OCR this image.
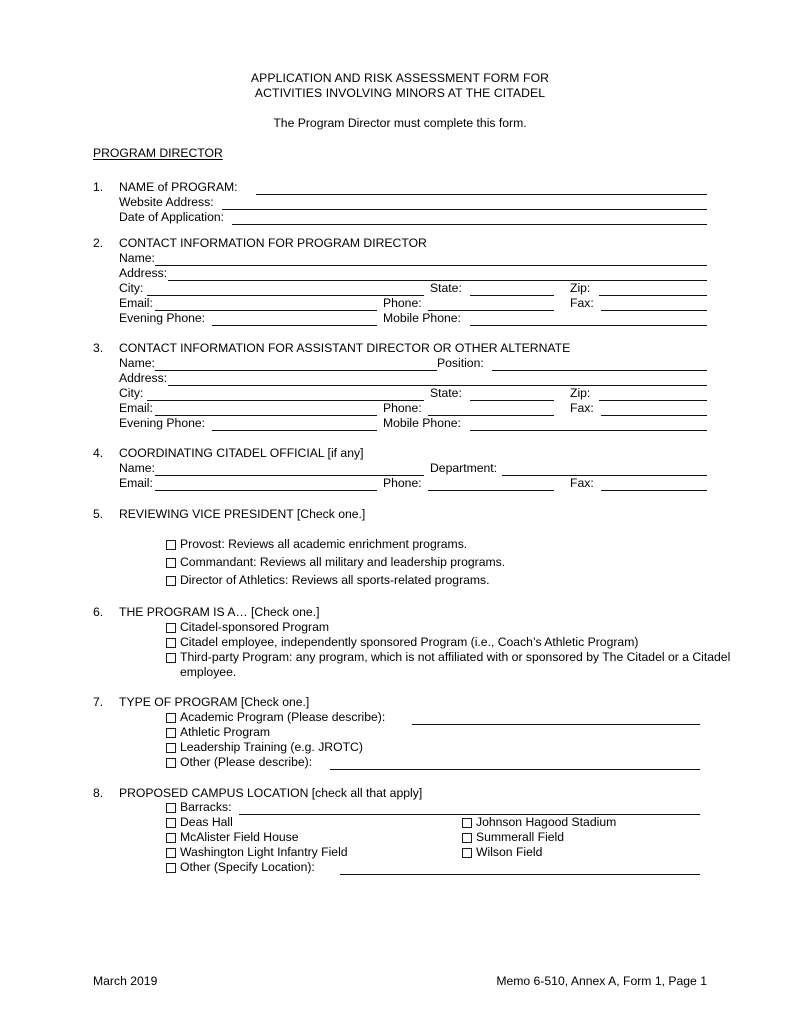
APPLICATION AND RISK ASSESSMENT FORM FOR
ACTIVITIES INVOLVING MINORS AT THE CITADEL
The Program Director must complete this form.
PROGRAM DIRECTOR
1.	NAME of PROGRAM:
Website Address:
Date of Application:
2.	CONTACT INFORMATION FOR PROGRAM DIRECTOR
Name:
Address:
City:	State:	Zip:
Email:	Phone:	Fax:
Evening Phone:	Mobile Phone:
3.	CONTACT INFORMATION FOR ASSISTANT DIRECTOR OR OTHER ALTERNATE
Name:	Position:
Address:
City:	State:	Zip:
Email:	Phone:	Fax:
Evening Phone:	Mobile Phone:
4.	COORDINATING CITADEL OFFICIAL [if any]
Name:	Department:
Email:	Phone:	Fax:
5.	REVIEWING VICE PRESIDENT [Check one.]
Provost: Reviews all academic enrichment programs.
Commandant: Reviews all military and leadership programs.
Director of Athletics: Reviews all sports-related programs.
6.	THE PROGRAM IS A… [Check one.]
Citadel-sponsored Program
Citadel employee, independently sponsored Program (i.e., Coach’s Athletic Program)
Third-party Program: any program, which is not affiliated with or sponsored by The Citadel or a Citadel employee.
7.	TYPE OF PROGRAM [Check one.]
Academic Program (Please describe):
Athletic Program
Leadership Training (e.g. JROTC)
Other (Please describe):
8.	PROPOSED CAMPUS LOCATION [check all that apply]
Barracks:
Deas Hall
McAlister Field House
Washington Light Infantry Field
Other (Specify Location):
Johnson Hagood Stadium
Summerall Field
Wilson Field
March 2019	Memo 6-510, Annex A, Form 1, Page 1
